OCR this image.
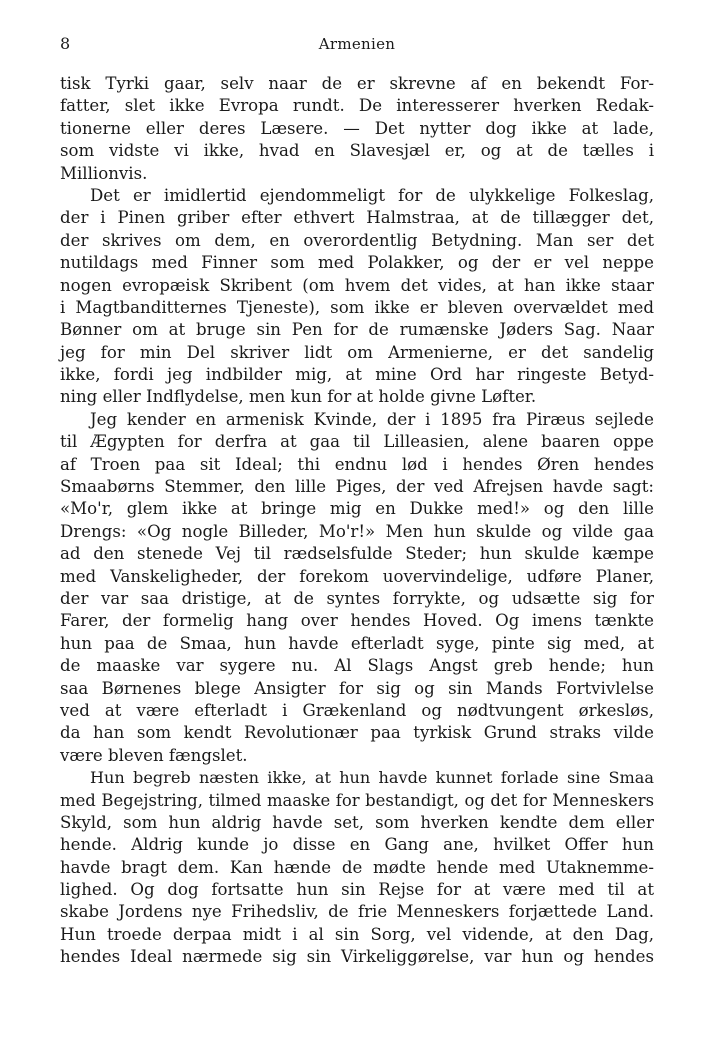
8	Armenien
tisk Tyrki gaar, selv naar de er skrevne af en bekendt For-
fatter, slet ikke Evropa rundt. De interesserer hverken Redak-
tionerne eller deres Læsere. — Det nytter dog ikke at lade,
som vidste vi ikke, hvad en Slavesjæl er, og at de tælles i
Millionvis.
Det er imidlertid ejendommeligt for de ulykkelige Folkeslag,
der i Pinen griber efter ethvert Halmstraa, at de tillægger det,
der skrives om dem, en overordentlig Betydning. Man ser det
nutildags med Finner som med Polakker, og der er vel neppe
nogen evropæisk Skribent (om hvem det vides, at han ikke staar
i Magtbanditternes Tjeneste), som ikke er bleven overvældet med
Bønner om at bruge sin Pen for de rumænske Jøders Sag. Naar
jeg for min Del skriver lidt om Armenierne, er det sandelig
ikke, fordi jeg indbilder mig, at mine Ord har ringeste Betyd-
ning eller Indflydelse, men kun for at holde givne Løfter.
Jeg kender en armenisk Kvinde, der i 1895 fra Piræus sejlede
til Ægypten for derfra at gaa til Lilleasien, alene baaren oppe
af Troen paa sit Ideal; thi endnu lød i hendes Øren hendes
Smaabørns Stemmer, den lille Piges, der ved Afrejsen havde sagt:
«Mo'r, glem ikke at bringe mig en Dukke med!» og den lille
Drengs: «Og nogle Billeder, Mo'r!» Men hun skulde og vilde gaa
ad den stenede Vej til rædselsfulde Steder; hun skulde kæmpe
med Vanskeligheder, der forekom uovervindelige, udføre Planer,
der var saa dristige, at de syntes forrykte, og udsætte sig for
Farer, der formelig hang over hendes Hoved. Og imens tænkte
hun paa de Smaa, hun havde efterladt syge, pinte sig med, at
de maaske var sygere nu. Al Slags Angst greb hende; hun
saa Børnenes blege Ansigter for sig og sin Mands Fortvivlelse
ved at være efterladt i Grækenland og nødtvungent ørkesløs,
da han som kendt Revolutionær paa tyrkisk Grund straks vilde
være bleven fængslet.
Hun begreb næsten ikke, at hun havde kunnet forlade sine Smaa
med Begejstring, tilmed maaske for bestandigt, og det for Menneskers
Skyld, som hun aldrig havde set, som hverken kendte dem eller
hende. Aldrig kunde jo disse en Gang ane, hvilket Offer hun
havde bragt dem. Kan hænde de mødte hende med Utaknemme-
lighed. Og dog fortsatte hun sin Rejse for at være med til at
skabe Jordens nye Frihedsliv, de frie Menneskers forjættede Land.
Hun troede derpaa midt i al sin Sorg, vel vidende, at den Dag,
hendes Ideal nærmede sig sin Virkeliggørelse, var hun og hendes
